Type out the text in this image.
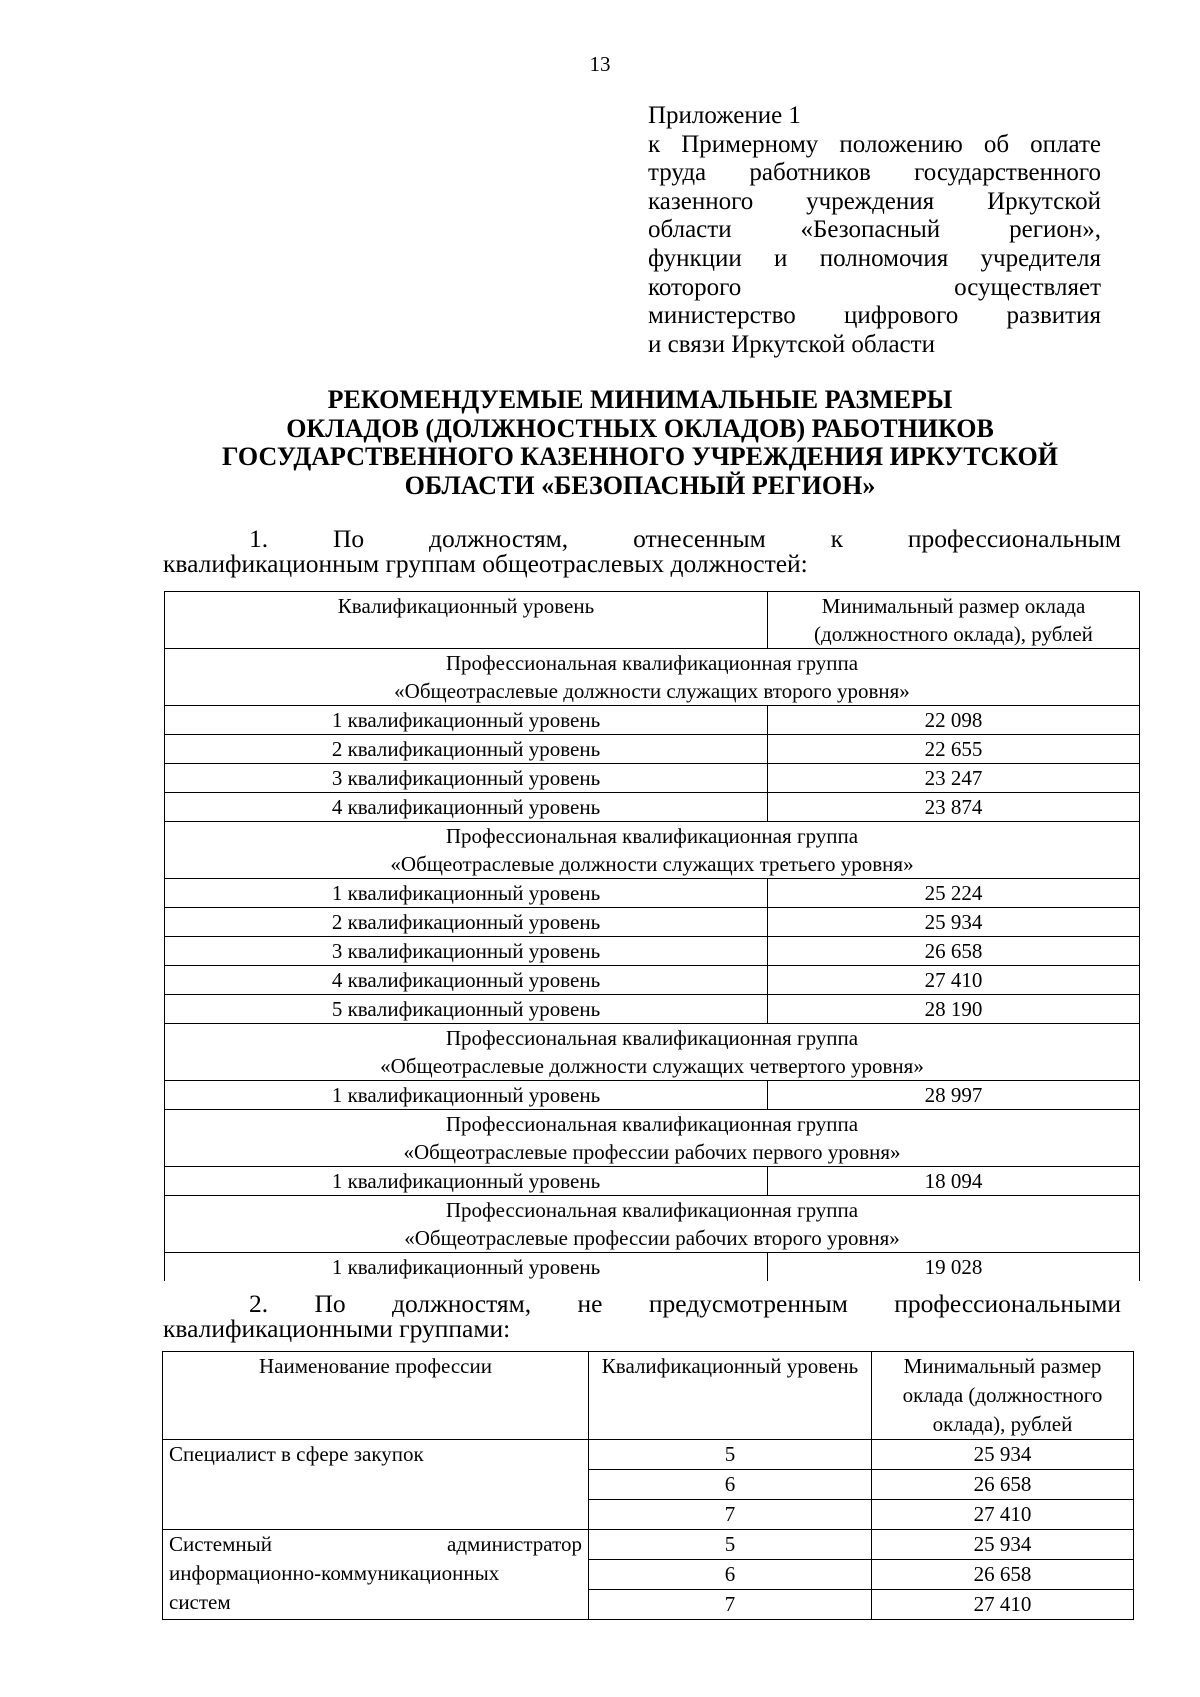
13
Приложение 1
к Примерному положению об оплате
труда работников государственного
казенного учреждения Иркутской
области «Безопасный регион»,
функции и полномочия учредителя
которого осуществляет
министерство цифрового развития
и связи Иркутской области
РЕКОМЕНДУЕМЫЕ МИНИМАЛЬНЫЕ РАЗМЕРЫ
ОКЛАДОВ (ДОЛЖНОСТНЫХ ОКЛАДОВ) РАБОТНИКОВ
ГОСУДАРСТВЕННОГО КАЗЕННОГО УЧРЕЖДЕНИЯ ИРКУТСКОЙ
ОБЛАСТИ «БЕЗОПАСНЫЙ РЕГИОН»
1. По должностям, отнесенным к профессиональным
квалификационным группам общеотраслевых должностей:
Квалификационный уровень	Минимальный размер оклада (должностного оклада), рублей

Профессиональная квалификационная группа
«Общеотраслевые должности служащих второго уровня»	

1 квалификационный уровень	22 098
2 квалификационный уровень	22 655
3 квалификационный уровень	23 247
4 квалификационный уровень	23 874

Профессиональная квалификационная группа
«Общеотраслевые должности служащих третьего уровня»	

1 квалификационный уровень	25 224
2 квалификационный уровень	25 934
3 квалификационный уровень	26 658
4 квалификационный уровень	27 410
5 квалификационный уровень	28 190

Профессиональная квалификационная группа
«Общеотраслевые должности служащих четвертого уровня»	

1 квалификационный уровень	28 997

Профессиональная квалификационная группа
«Общеотраслевые профессии рабочих первого уровня»	

1 квалификационный уровень	18 094

Профессиональная квалификационная группа
«Общеотраслевые профессии рабочих второго уровня»	

1 квалификационный уровень	19 028
2. По должностям, не предусмотренным профессиональными
квалификационными группами:
Наименование профессии	Квалификационный уровень	Минимальный размер оклада (должностного оклада), рублей

Специалист в сфере закупок	5	25 934
	6	26 658
	7	27 410

Системный администратор
информационно-коммуникационных
систем	5	25 934
	6	26 658
	7	27 410
